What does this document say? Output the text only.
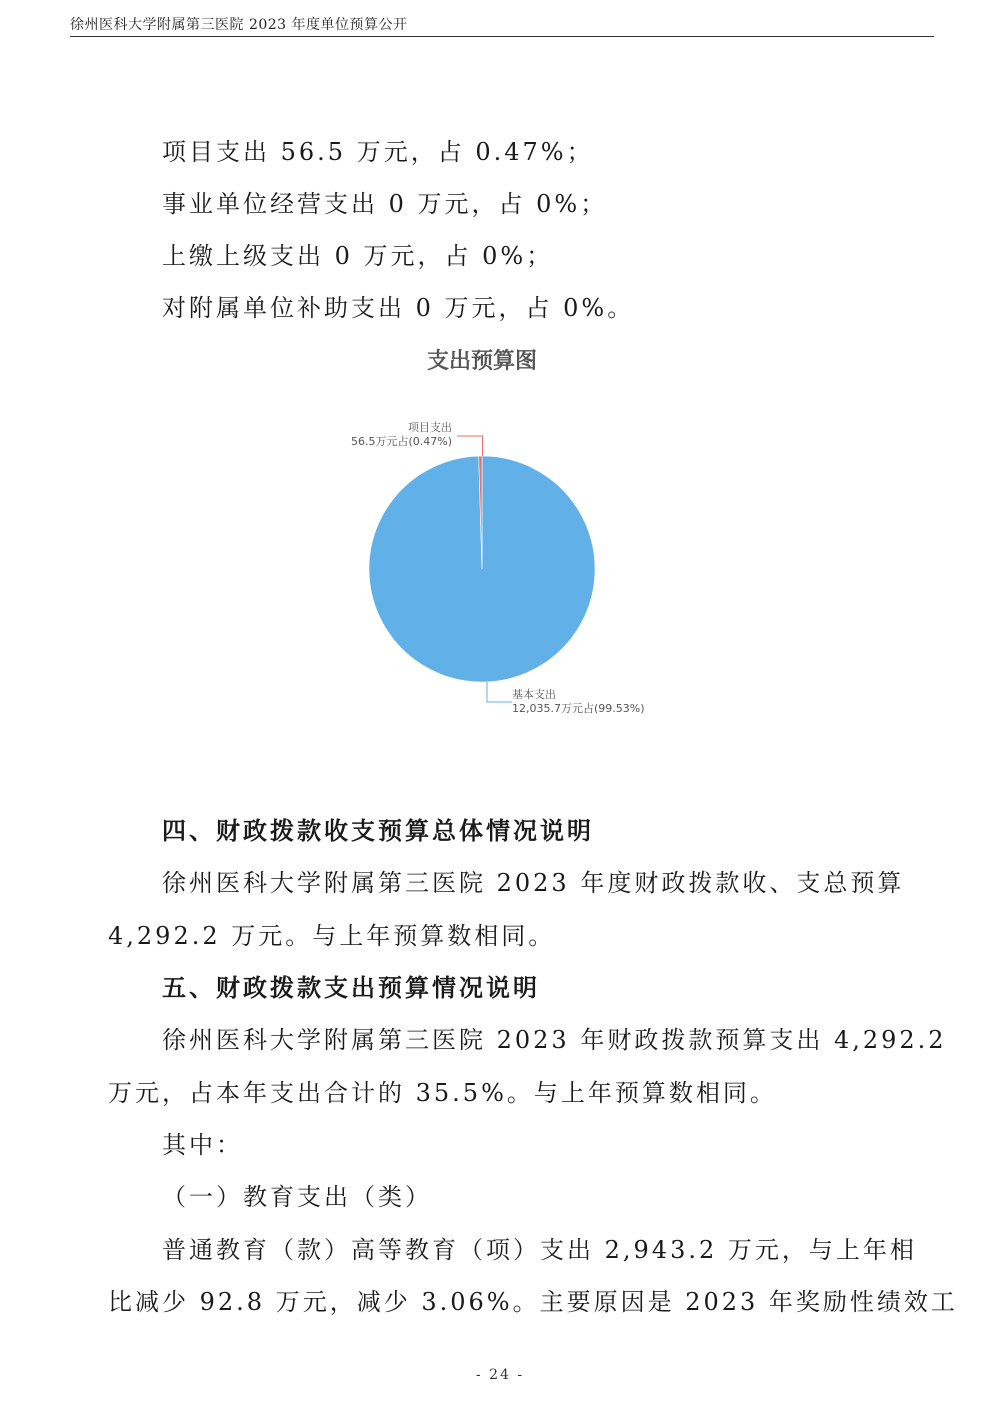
徐州医科大学附属第三医院 2023 年度单位预算公开
项目支出 56.5 万元，占 0.47%；
事业单位经营支出 0 万元，占 0%；
上缴上级支出 0 万元，占 0%；
对附属单位补助支出 0 万元，占 0%。
支出预算图
项目支出
56.5万元占(0.47%)
基本支出
12,035.7万元占(99.53%)
四、财政拨款收支预算总体情况说明
徐州医科大学附属第三医院 2023 年度财政拨款收、支总预算
4,292.2 万元。与上年预算数相同。
五、财政拨款支出预算情况说明
徐州医科大学附属第三医院 2023 年财政拨款预算支出 4,292.2
万元，占本年支出合计的 35.5%。与上年预算数相同。
其中：
（一）教育支出（类）
普通教育（款）高等教育（项）支出 2,943.2 万元，与上年相
比减少 92.8 万元，减少 3.06%。主要原因是 2023 年奖励性绩效工
- 24 -
